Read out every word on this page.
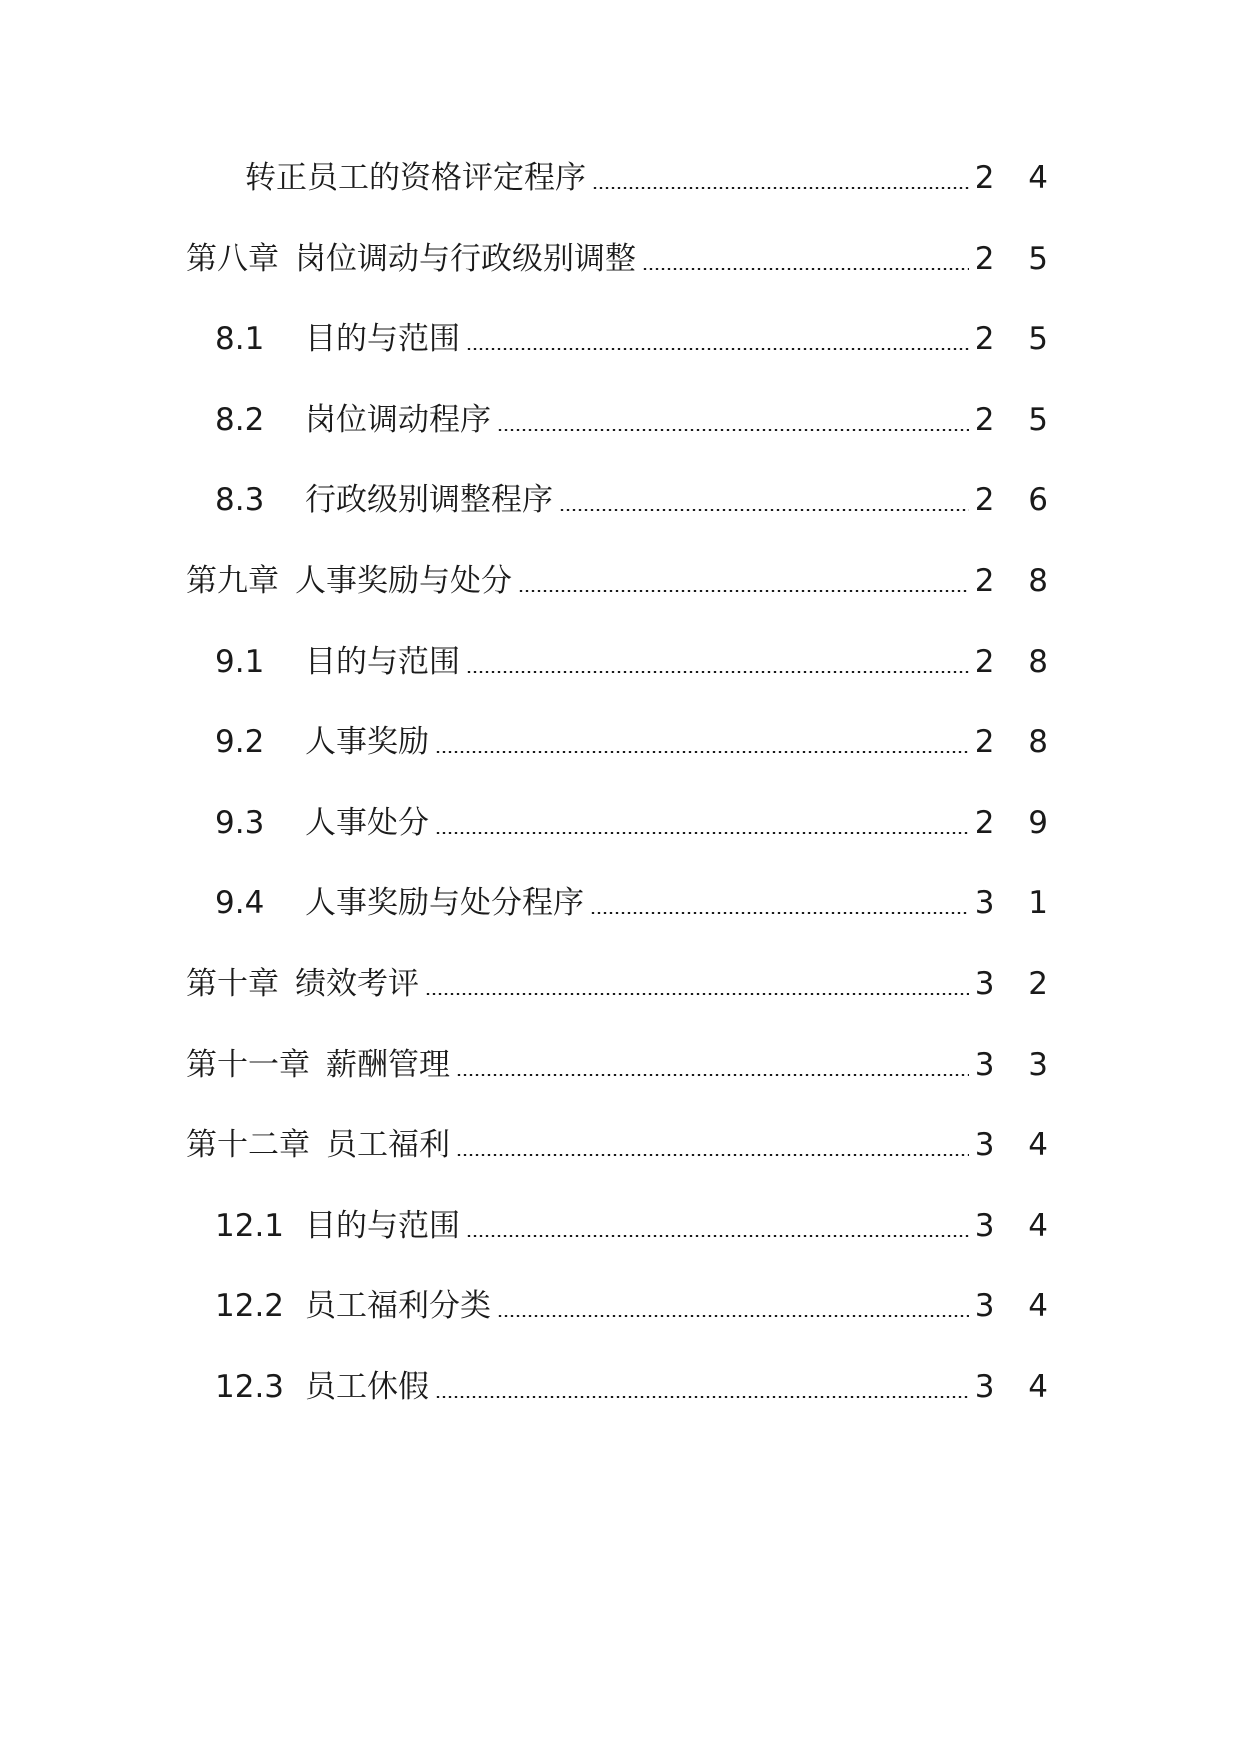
转正员工的资格评定程序	2 4
第八章 岗位调动与行政级别调整	2 5
8.1	目的与范围	2 5
8.2	岗位调动程序	2 5
8.3	行政级别调整程序	2 6
第九章 人事奖励与处分	2 8
9.1	目的与范围	2 8
9.2	人事奖励	2 8
9.3	人事处分	2 9
9.4	人事奖励与处分程序	3 1
第十章 绩效考评	3 2
第十一章 薪酬管理	3 3
第十二章 员工福利	3 4
12.1 目的与范围	3 4
12.2 员工福利分类	3 4
12.3 员工休假	3 4
